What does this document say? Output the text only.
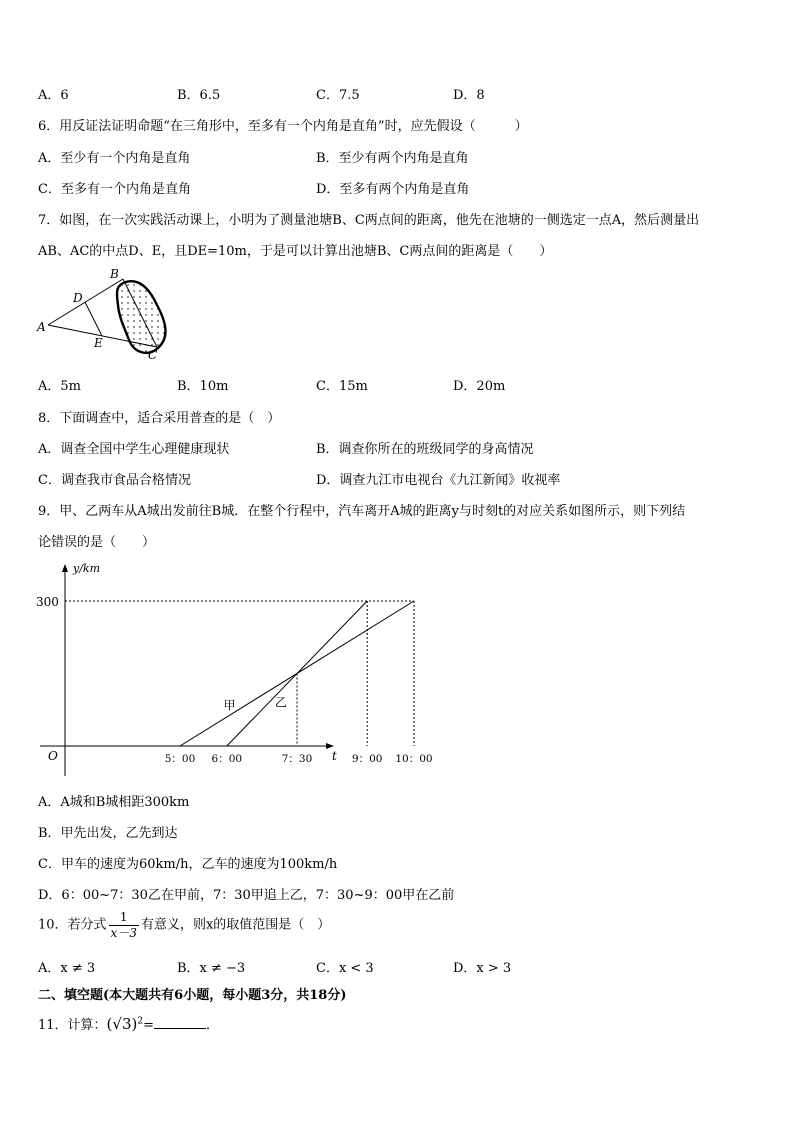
A．6	B．6.5	C．7.5	D．8
6．用反证法证明命题“在三角形中，至多有一个内角是直角”时，应先假设（　　　）
A．至少有一个内角是直角	B．至少有两个内角是直角
C．至多有一个内角是直角	D．至多有两个内角是直角
7．如图，在一次实践活动课上，小明为了测量池塘B、C两点间的距离，他先在池塘的一侧选定一点A，然后测量出
AB、AC的中点D、E，且DE=10m，于是可以计算出池塘B、C两点间的距离是（　　）
B
D
A
E
C
A．5m	B．10m	C．15m	D．20m
8．下面调查中，适合采用普查的是（　）
A．调查全国中学生心理健康现状	B．调查你所在的班级同学的身高情况
C．调查我市食品合格情况	D．调查九江市电视台《九江新闻》收视率
9．甲、乙两车从A城出发前往B城．在整个行程中，汽车离开A城的距离y与时刻t的对应关系如图所示，则下列结
论错误的是（　　）
y/km
t
O
300
甲	乙
5：00 6：00	7：30	9：00 10：00
A．A城和B城相距300km
B．甲先出发，乙先到达
C．甲车的速度为60km/h，乙车的速度为100km/h
D．6：00~7：30乙在甲前，7：30甲追上乙，7：30~9：00甲在乙前
10．若分式 $\frac{1}{x-3}$ 有意义，则x的取值范围是（　）
A．x ≠ 3	B．x ≠ −3	C．x < 3	D．x > 3
二、填空题(本大题共有6小题，每小题3分，共18分)
11．计算：$(√3)^2=$	．
